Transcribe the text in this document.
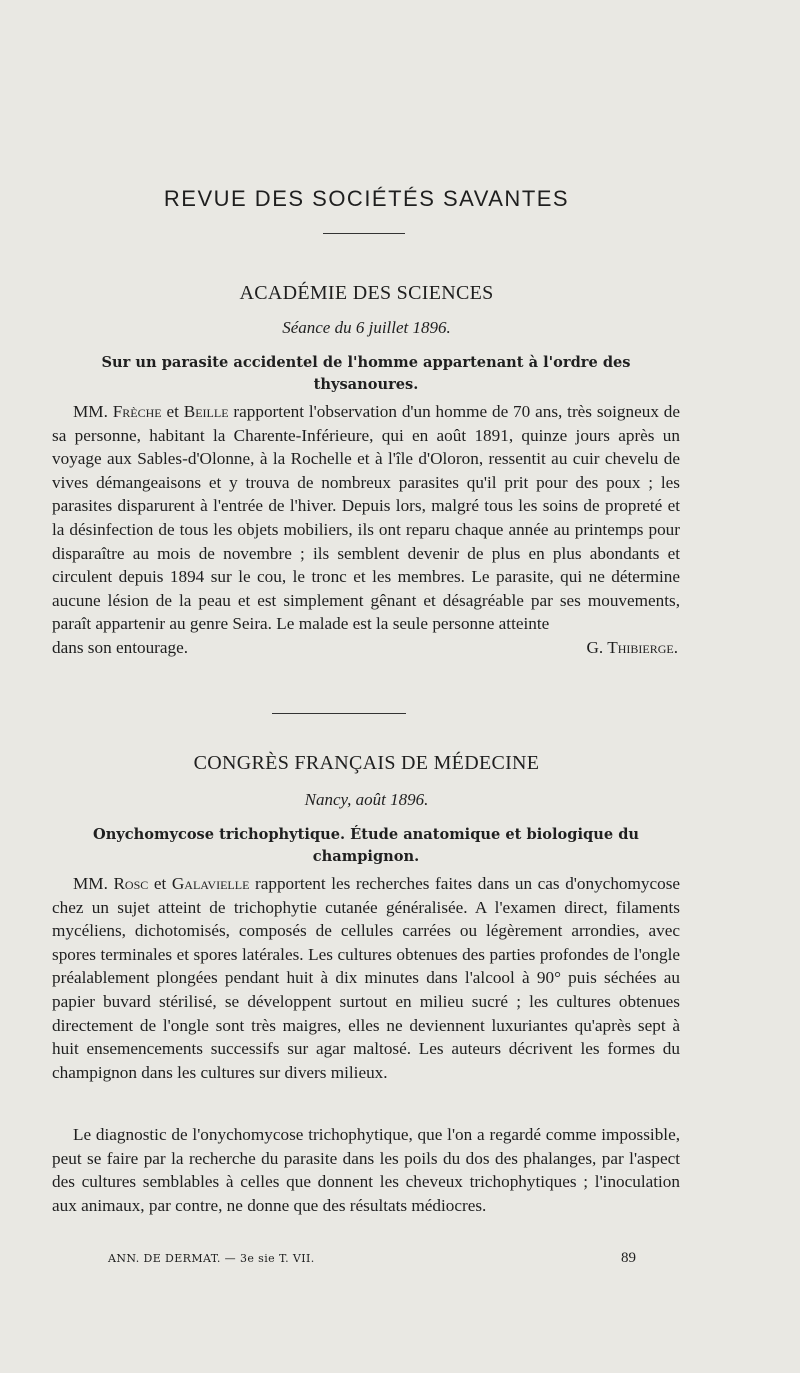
REVUE DES SOCIÉTÉS SAVANTES
ACADÉMIE DES SCIENCES
Séance du 6 juillet 1896.
Sur un parasite accidentel de l'homme appartenant à l'ordre des thysanoures.

MM. Frèche et Beille rapportent l'observation d'un homme de 70 ans, très soigneux de sa personne, habitant la Charente-Inférieure, qui en août 1891, quinze jours après un voyage aux Sables-d'Olonne, à la Rochelle et à l'île d'Oloron, ressentit au cuir chevelu de vives démangeaisons et y trouva de nombreux parasites qu'il prit pour des poux ; les parasites disparurent à l'entrée de l'hiver. Depuis lors, malgré tous les soins de propreté et la désinfection de tous les objets mobiliers, ils ont reparu chaque année au printemps pour disparaître au mois de novembre ; ils semblent devenir de plus en plus abondants et circulent depuis 1894 sur le cou, le tronc et les membres. Le parasite, qui ne détermine aucune lésion de la peau et est simplement gênant et désagréable par ses mouvements, paraît appartenir au genre Seira. Le malade est la seule personne atteinte

dans son entourage.	G. Thibierge.
CONGRÈS FRANÇAIS DE MÉDECINE
Nancy, août 1896.
Onychomycose trichophytique. Étude anatomique et biologique du champignon.

MM. Rosc et Galavielle rapportent les recherches faites dans un cas d'onychomycose chez un sujet atteint de trichophytie cutanée généralisée. A l'examen direct, filaments mycéliens, dichotomisés, composés de cellules carrées ou légèrement arrondies, avec spores terminales et spores latérales. Les cultures obtenues des parties profondes de l'ongle préalablement plongées pendant huit à dix minutes dans l'alcool à 90° puis séchées au papier buvard stérilisé, se développent surtout en milieu sucré ; les cultures obtenues directement de l'ongle sont très maigres, elles ne deviennent luxuriantes qu'après sept à huit ensemencements successifs sur agar maltosé. Les auteurs décrivent les formes du champignon dans les cultures sur divers milieux.

Le diagnostic de l'onychomycose trichophytique, que l'on a regardé comme impossible, peut se faire par la recherche du parasite dans les poils du dos des phalanges, par l'aspect des cultures semblables à celles que donnent les cheveux trichophytiques ; l'inoculation aux animaux, par contre, ne donne que des résultats médiocres.

ANN. DE DERMAT. — 3e sie T. VII.	89
